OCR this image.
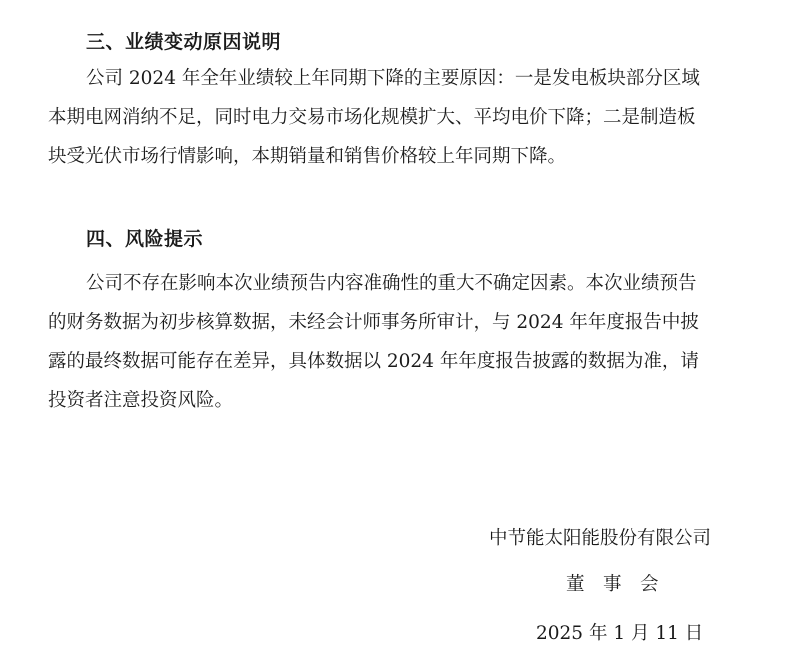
三、业绩变动原因说明
公司 2024 年全年业绩较上年同期下降的主要原因：一是发电板块部分区域
本期电网消纳不足，同时电力交易市场化规模扩大、平均电价下降；二是制造板
块受光伏市场行情影响，本期销量和销售价格较上年同期下降。
四、风险提示
公司不存在影响本次业绩预告内容准确性的重大不确定因素。本次业绩预告
的财务数据为初步核算数据，未经会计师事务所审计，与 2024 年年度报告中披
露的最终数据可能存在差异，具体数据以 2024 年年度报告披露的数据为准，请
投资者注意投资风险。
中节能太阳能股份有限公司
董　事　会
2025 年 1 月 11 日
